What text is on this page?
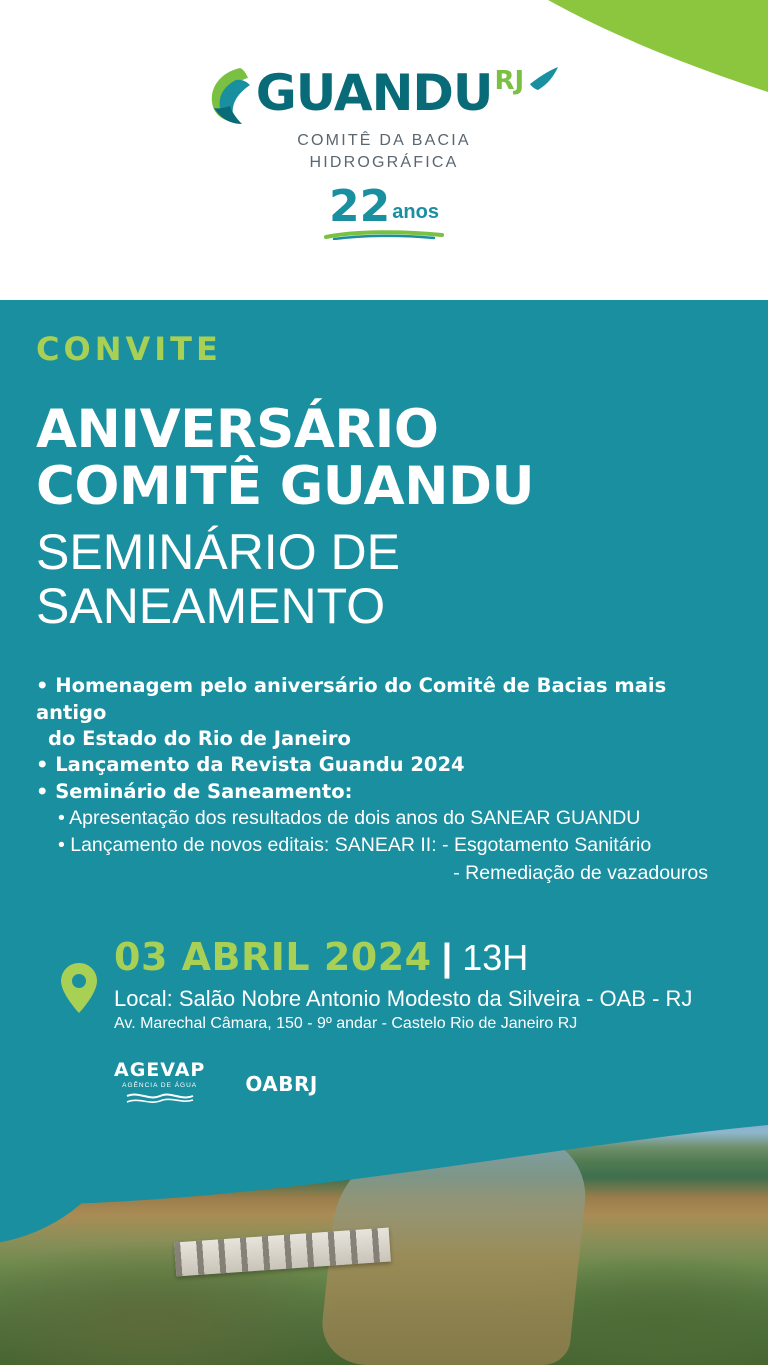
GUANDU RJ
COMITÊ DA BACIA
HIDROGRÁFICA
22 anos
CONVITE
ANIVERSÁRIO
COMITÊ GUANDU
SEMINÁRIO DE
SANEAMENTO
• Homenagem pelo aniversário do Comitê de Bacias mais antigo
do Estado do Rio de Janeiro
• Lançamento da Revista Guandu 2024
• Seminário de Saneamento:
• Apresentação dos resultados de dois anos do SANEAR GUANDU
• Lançamento de novos editais: SANEAR II: - Esgotamento Sanitário
- Remediação de vazadouros
03 ABRIL 2024 | 13H
Local: Salão Nobre Antonio Modesto da Silveira - OAB - RJ
Av. Marechal Câmara, 150 - 9º andar - Castelo Rio de Janeiro RJ
AGEVAP
AGÊNCIA DE ÁGUA	OABRJ
